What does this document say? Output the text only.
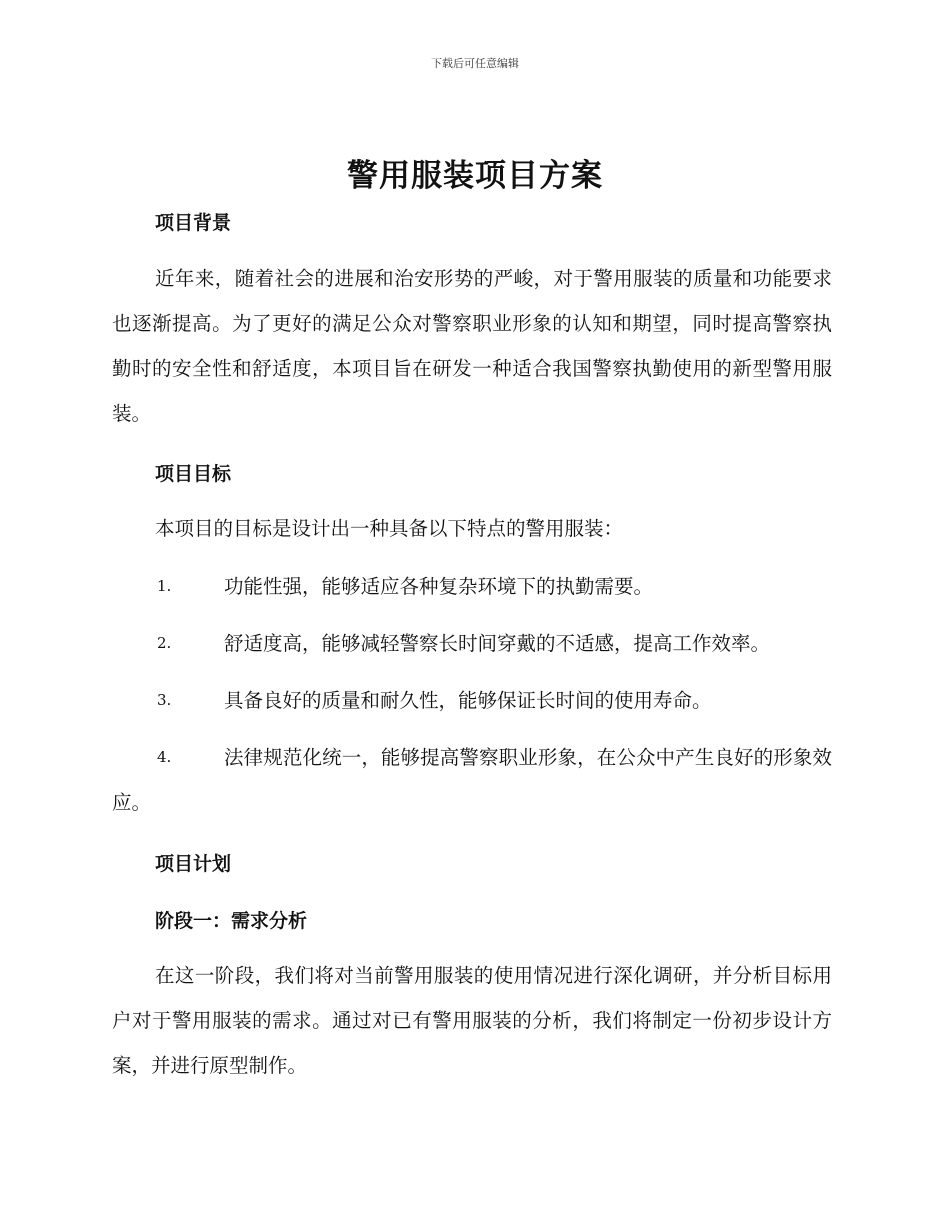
下载后可任意编辑
警用服装项目方案
项目背景
近年来，随着社会的进展和治安形势的严峻，对于警用服装的质量和功能要求也逐渐提高。为了更好的满足公众对警察职业形象的认知和期望，同时提高警察执勤时的安全性和舒适度，本项目旨在研发一种适合我国警察执勤使用的新型警用服装。
项目目标
本项目的目标是设计出一种具备以下特点的警用服装：
1.	功能性强，能够适应各种复杂环境下的执勤需要。
2.	舒适度高，能够减轻警察长时间穿戴的不适感，提高工作效率。
3.	具备良好的质量和耐久性，能够保证长时间的使用寿命。
4.	法律规范化统一，能够提高警察职业形象，在公众中产生良好的形象效应。
项目计划
阶段一：需求分析
在这一阶段，我们将对当前警用服装的使用情况进行深化调研，并分析目标用户对于警用服装的需求。通过对已有警用服装的分析，我们将制定一份初步设计方案，并进行原型制作。
